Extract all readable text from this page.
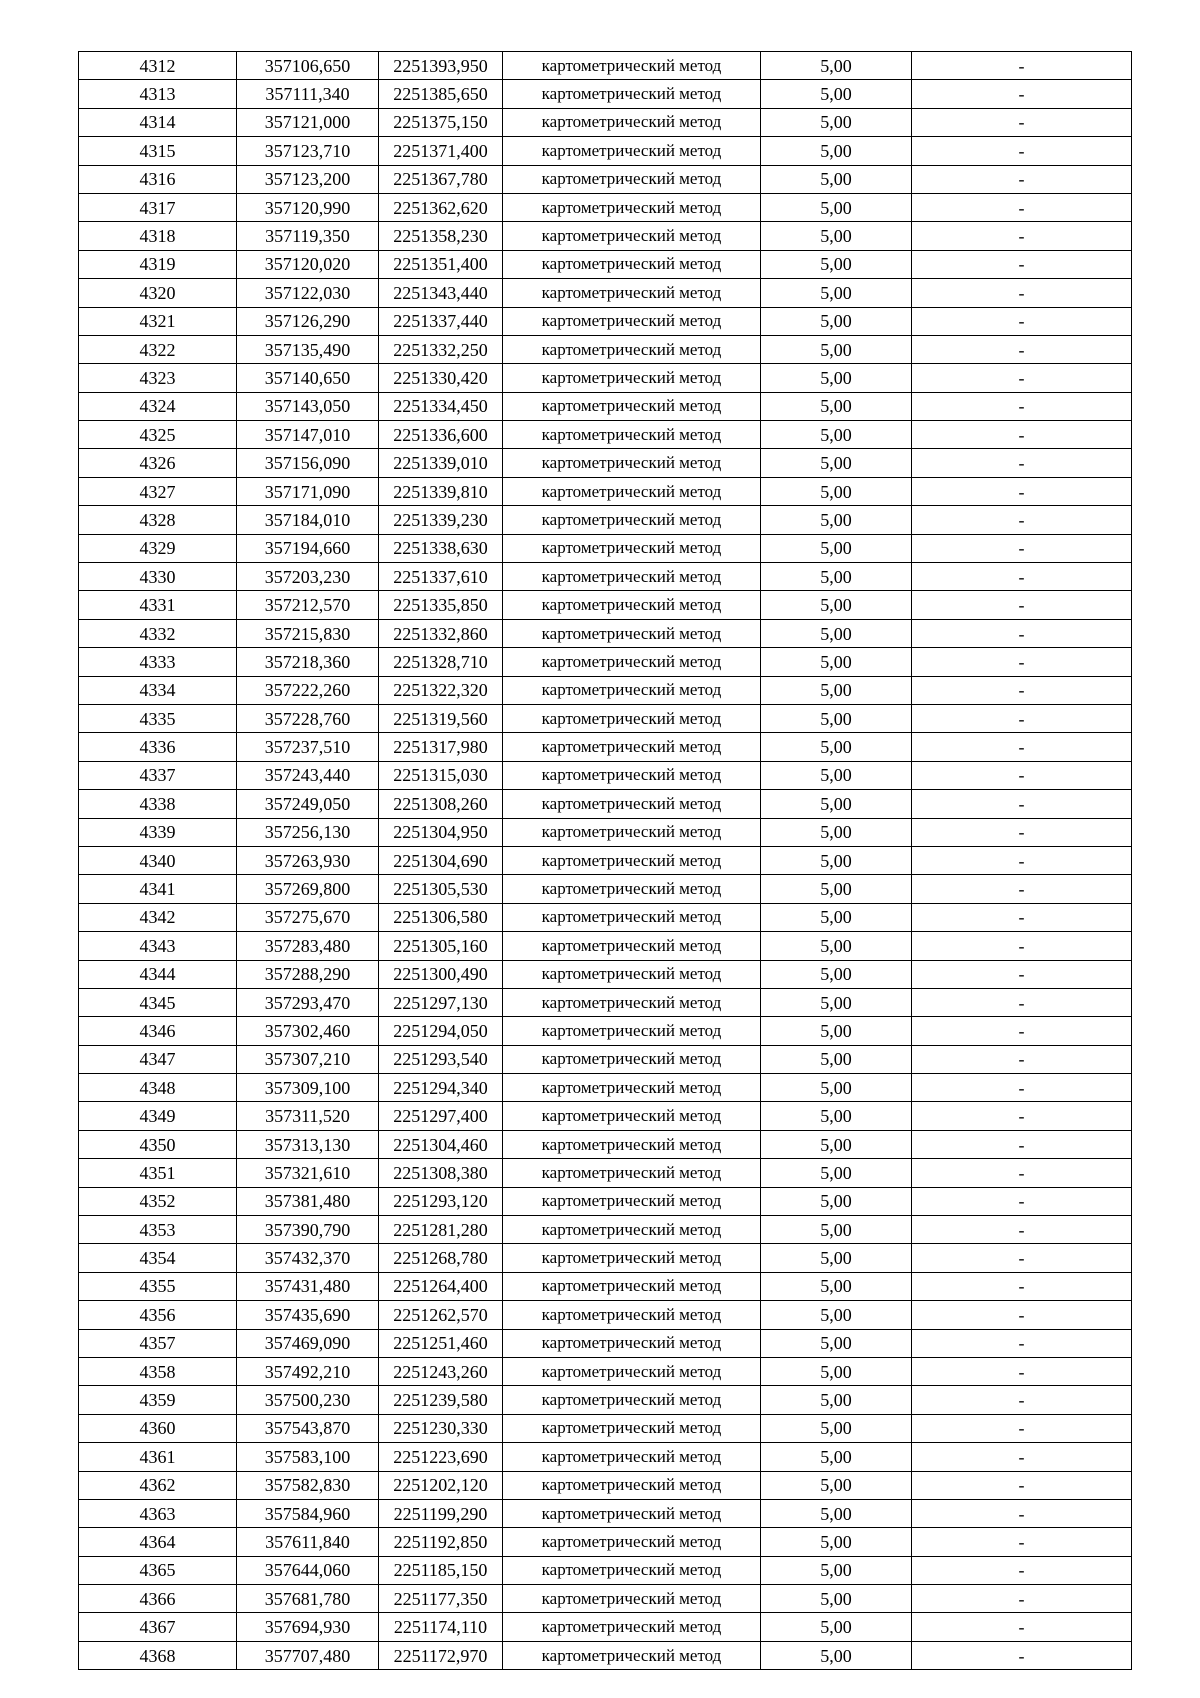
4312	357106,650	2251393,950	картометрический метод	5,00	-
4313	357111,340	2251385,650	картометрический метод	5,00	-
4314	357121,000	2251375,150	картометрический метод	5,00	-
4315	357123,710	2251371,400	картометрический метод	5,00	-
4316	357123,200	2251367,780	картометрический метод	5,00	-
4317	357120,990	2251362,620	картометрический метод	5,00	-
4318	357119,350	2251358,230	картометрический метод	5,00	-
4319	357120,020	2251351,400	картометрический метод	5,00	-
4320	357122,030	2251343,440	картометрический метод	5,00	-
4321	357126,290	2251337,440	картометрический метод	5,00	-
4322	357135,490	2251332,250	картометрический метод	5,00	-
4323	357140,650	2251330,420	картометрический метод	5,00	-
4324	357143,050	2251334,450	картометрический метод	5,00	-
4325	357147,010	2251336,600	картометрический метод	5,00	-
4326	357156,090	2251339,010	картометрический метод	5,00	-
4327	357171,090	2251339,810	картометрический метод	5,00	-
4328	357184,010	2251339,230	картометрический метод	5,00	-
4329	357194,660	2251338,630	картометрический метод	5,00	-
4330	357203,230	2251337,610	картометрический метод	5,00	-
4331	357212,570	2251335,850	картометрический метод	5,00	-
4332	357215,830	2251332,860	картометрический метод	5,00	-
4333	357218,360	2251328,710	картометрический метод	5,00	-
4334	357222,260	2251322,320	картометрический метод	5,00	-
4335	357228,760	2251319,560	картометрический метод	5,00	-
4336	357237,510	2251317,980	картометрический метод	5,00	-
4337	357243,440	2251315,030	картометрический метод	5,00	-
4338	357249,050	2251308,260	картометрический метод	5,00	-
4339	357256,130	2251304,950	картометрический метод	5,00	-
4340	357263,930	2251304,690	картометрический метод	5,00	-
4341	357269,800	2251305,530	картометрический метод	5,00	-
4342	357275,670	2251306,580	картометрический метод	5,00	-
4343	357283,480	2251305,160	картометрический метод	5,00	-
4344	357288,290	2251300,490	картометрический метод	5,00	-
4345	357293,470	2251297,130	картометрический метод	5,00	-
4346	357302,460	2251294,050	картометрический метод	5,00	-
4347	357307,210	2251293,540	картометрический метод	5,00	-
4348	357309,100	2251294,340	картометрический метод	5,00	-
4349	357311,520	2251297,400	картометрический метод	5,00	-
4350	357313,130	2251304,460	картометрический метод	5,00	-
4351	357321,610	2251308,380	картометрический метод	5,00	-
4352	357381,480	2251293,120	картометрический метод	5,00	-
4353	357390,790	2251281,280	картометрический метод	5,00	-
4354	357432,370	2251268,780	картометрический метод	5,00	-
4355	357431,480	2251264,400	картометрический метод	5,00	-
4356	357435,690	2251262,570	картометрический метод	5,00	-
4357	357469,090	2251251,460	картометрический метод	5,00	-
4358	357492,210	2251243,260	картометрический метод	5,00	-
4359	357500,230	2251239,580	картометрический метод	5,00	-
4360	357543,870	2251230,330	картометрический метод	5,00	-
4361	357583,100	2251223,690	картометрический метод	5,00	-
4362	357582,830	2251202,120	картометрический метод	5,00	-
4363	357584,960	2251199,290	картометрический метод	5,00	-
4364	357611,840	2251192,850	картометрический метод	5,00	-
4365	357644,060	2251185,150	картометрический метод	5,00	-
4366	357681,780	2251177,350	картометрический метод	5,00	-
4367	357694,930	2251174,110	картометрический метод	5,00	-
4368	357707,480	2251172,970	картометрический метод	5,00	-
